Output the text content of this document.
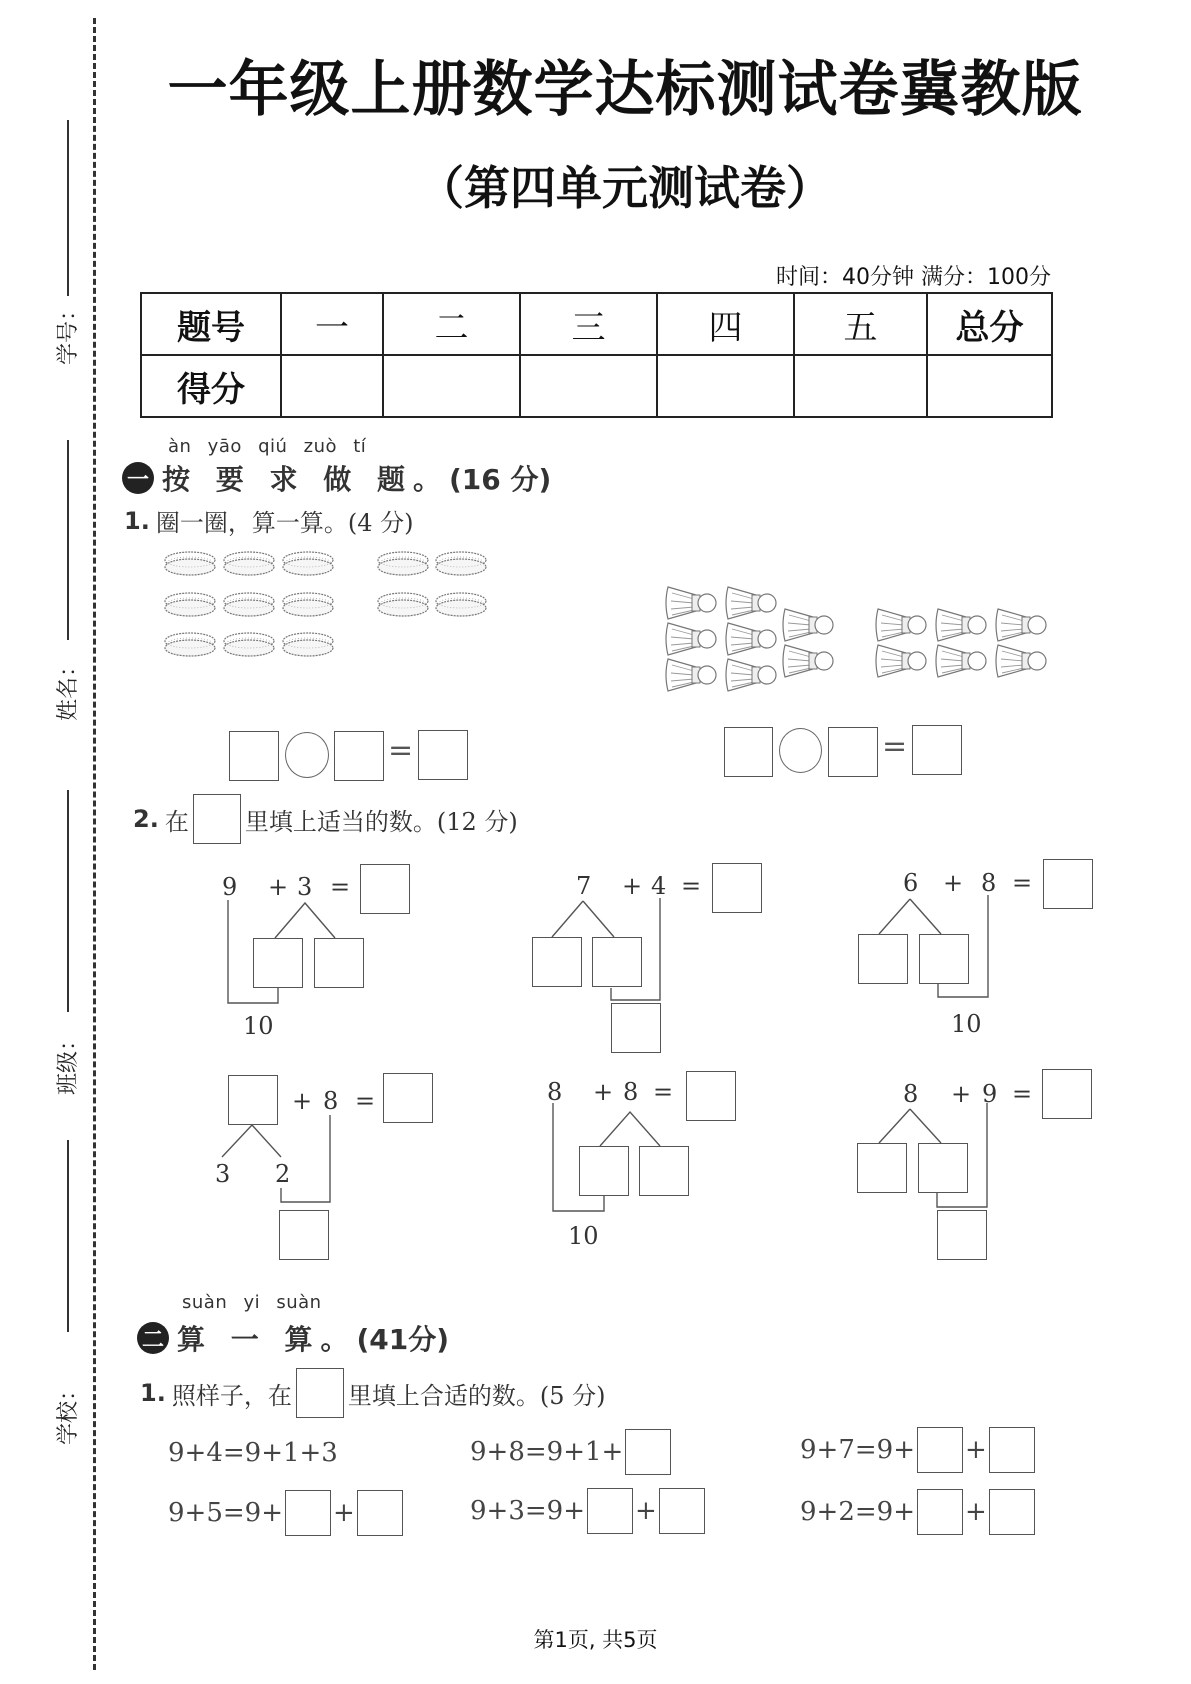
学号：
姓名：
班级：
学校：
一年级上册数学达标测试卷冀教版
（第四单元测试卷）
时间：40分钟 满分：100分
题号	一	二	三	四	五	总分
得分						
àn yāo qiú zuò tí
一 按 要 求 做 题。 (16 分)
1. 圈一圈，算一算。(4 分)
=	=
2. 在 里填上适当的数。(12 分)
9 + 3 =
10
7 + 4 =	6 + 8 =
10
+ 8 =
3 2
8 + 8 =
10
8 + 9 =
suàn yi suàn
二 算 一 算。 (41分)
1. 照样子，在 里填上合适的数。(5 分)
9+4=9+1+3	9+8=9+1+	9+7=9+ +
9+5=9+ +	9+3=9+ +	9+2=9+ +
第1页, 共5页
